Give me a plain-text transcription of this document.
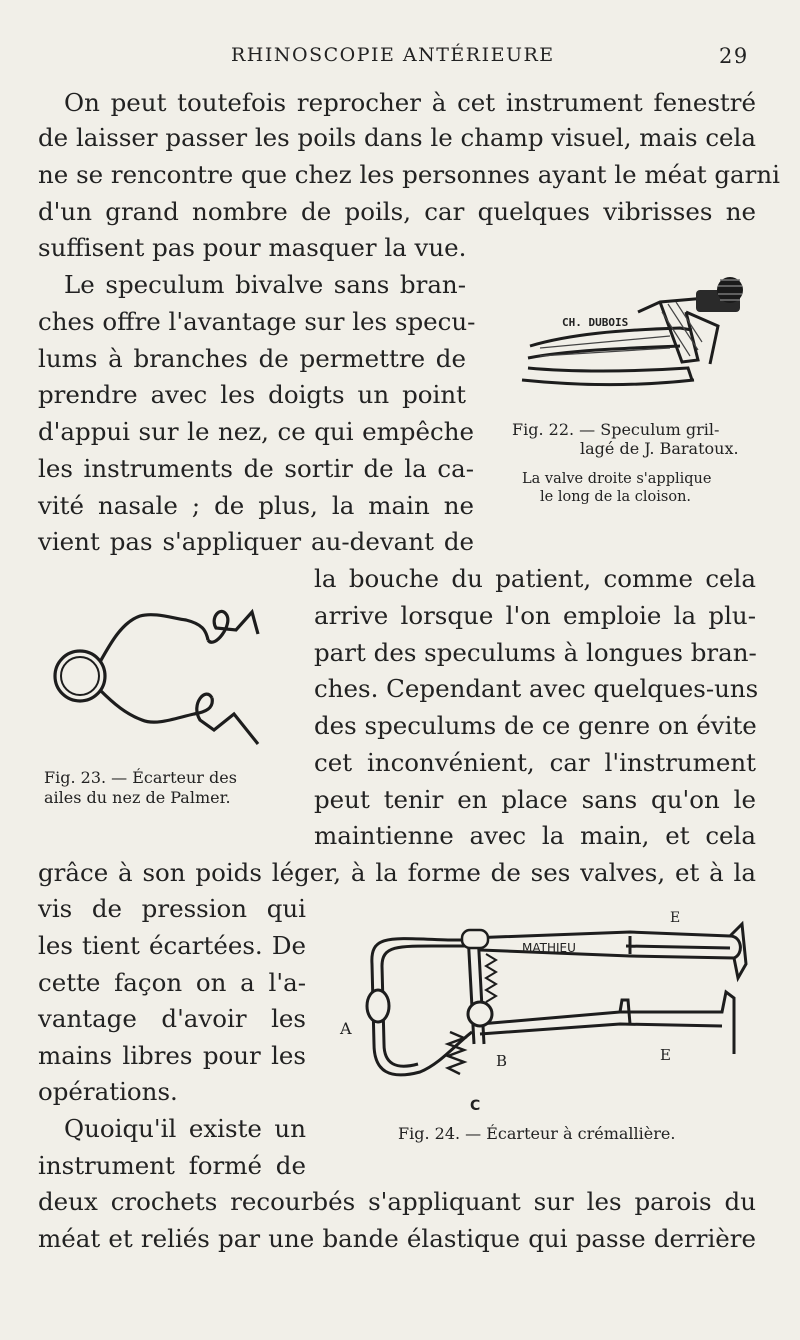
RHINOSCOPIE ANTÉRIEURE	29
On peut toutefois reprocher à cet instrument fenestré
de laisser passer les poils dans le champ visuel, mais cela
ne se rencontre que chez les personnes ayant le méat garni
d'un grand nombre de poils, car quelques vibrisses ne
suffisent pas pour masquer la vue.
Le speculum bivalve sans bran-
ches offre l'avantage sur les specu-
lums à branches de permettre de
prendre avec les doigts un point
d'appui sur le nez, ce qui empêche
les instruments de sortir de la ca-
vité nasale ; de plus, la main ne
vient pas s'appliquer au-devant de
la bouche du patient, comme cela
arrive lorsque l'on emploie la plu-
part des speculums à longues bran-
ches. Cependant avec quelques-uns
des speculums de ce genre on évite
cet inconvénient, car l'instrument
peut tenir en place sans qu'on le
maintienne avec la main, et cela
grâce à son poids léger, à la forme de ses valves, et à la
vis de pression qui
les tient écartées. De
cette façon on a l'a-
vantage d'avoir les
mains libres pour les
opérations.
Quoiqu'il existe un
instrument formé de
deux crochets recourbés s'appliquant sur les parois du
méat et reliés par une bande élastique qui passe derrière
CH. DUBOIS
Fig. 22. — Speculum gril-
lagé de J. Baratoux.
La valve droite s'applique
le long de la cloison.
Fig. 23. — Écarteur des
ailes du nez de Palmer.
MATHIEU
A
B
C
E
E
Fig. 24. — Écarteur à crémallière.
